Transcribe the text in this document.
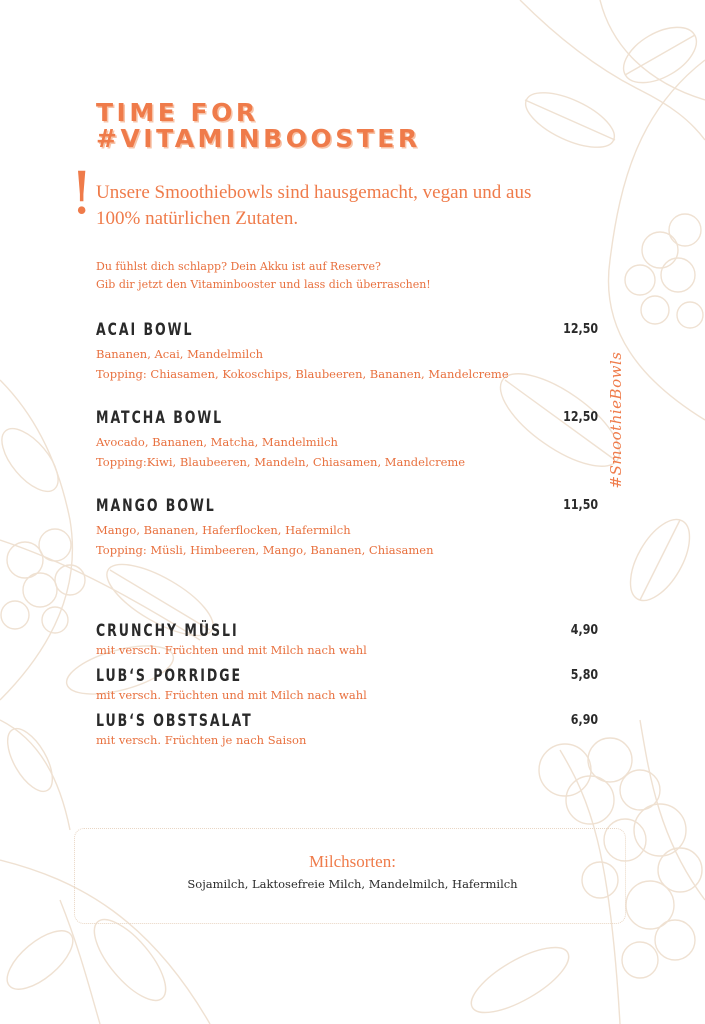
TIME FOR
#VITAMINBOOSTER
! Unsere Smoothiebowls sind hausgemacht, vegan und aus 100% natürlichen Zutaten.

Du fühlst dich schlapp? Dein Akku ist auf Reserve?
Gib dir jetzt den Vitaminbooster und lass dich überraschen!

ACAI BOWL	12,50
Bananen, Acai, Mandelmilch
Topping: Chiasamen, Kokoschips, Blaubeeren, Bananen, Mandelcreme
MATCHA BOWL	12,50
Avocado, Bananen, Matcha, Mandelmilch
Topping:Kiwi, Blaubeeren, Mandeln, Chiasamen, Mandelcreme
MANGO BOWL	11,50
Mango, Bananen, Haferflocken, Hafermilch
Topping: Müsli, Himbeeren, Mango, Bananen, Chiasamen
#SmoothieBowls
CRUNCHY MÜSLI	4,90
mit versch. Früchten und mit Milch nach wahl
LUB‘S PORRIDGE	5,80
mit versch. Früchten und mit Milch nach wahl
LUB‘S OBSTSALAT	6,90
mit versch. Früchten je nach Saison
Milchsorten:
Sojamilch, Laktosefreie Milch, Mandelmilch, Hafermilch
